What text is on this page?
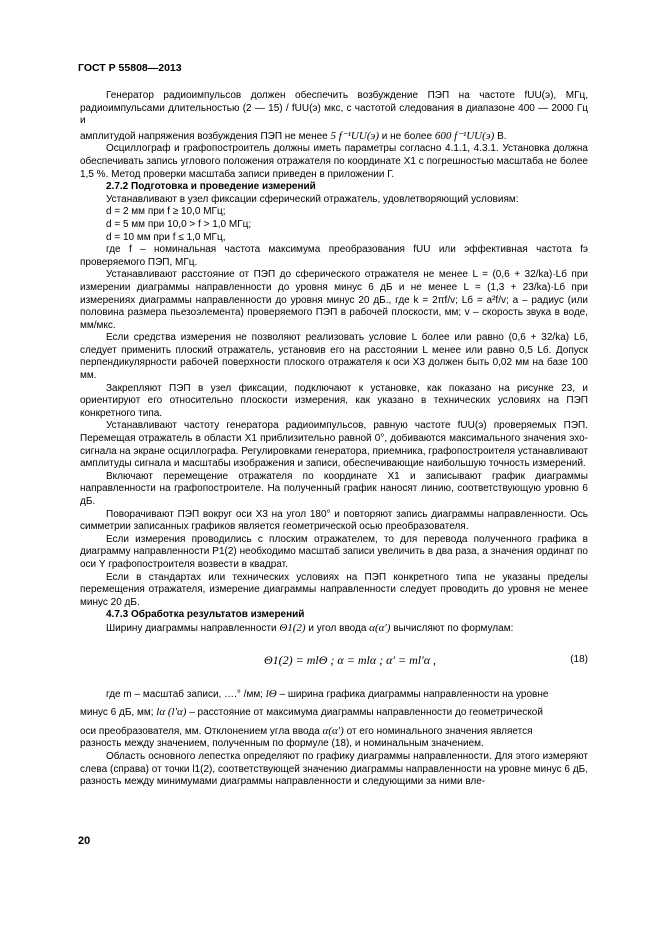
ГОСТ Р 55808—2013

Генератор радиоимпульсов должен обеспечить возбуждение ПЭП на частоте fUU(э), МГц, радиоимпульсами длительностью (2 — 15) / fUU(э) мкс, с частотой следования в диапазоне 400 — 2000 Гц и

амплитудой напряжения возбуждения ПЭП не менее 5 f⁻¹UU(э) и не более 600 f⁻¹UU(э) В.

Осциллограф и графопостроитель должны иметь параметры согласно 4.1.1, 4.3.1. Установка должна обеспечивать запись углового положения отражателя по координате X1 с погрешностью масштаба не более 1,5 %. Метод проверки масштаба записи приведен в приложении Г.

2.7.2 Подготовка и проведение измерений

Устанавливают в узел фиксации сферический отражатель, удовлетворяющий условиям:

d = 2 мм при f ≥ 10,0 МГц;

d = 5 мм при 10,0 > f > 1,0 МГц;

d = 10 мм при f ≤ 1,0 МГц,

где f – номинальная частота максимума преобразования fUU или эффективная частота fэ проверяемого ПЭП, МГц.

Устанавливают расстояние от ПЭП до сферического отражателя не менее L = (0,6 + 32/ka)·Lб при измерении диаграммы направленности до уровня минус 6 дБ и не менее L = (1,3 + 23/ka)·Lб при измерениях диаграммы направленности до уровня минус 20 дБ., где k = 2πf/v; Lб = a²f/v; a – радиус (или половина размера пьезоэлемента) проверяемого ПЭП в рабочей плоскости, мм; v – скорость звука в воде, мм/мкс.

Если средства измерения не позволяют реализовать условие L более или равно (0,6 + 32/ka) Lб, следует применить плоский отражатель, установив его на расстоянии L менее или равно 0,5 Lб. Допуск перпендикулярности рабочей поверхности плоского отражателя к оси X3 должен быть 0,02 мм на базе 100 мм.

Закрепляют ПЭП в узел фиксации, подключают к установке, как показано на рисунке 23, и ориентируют его относительно плоскости измерения, как указано в технических условиях на ПЭП конкретного типа.

Устанавливают частоту генератора радиоимпульсов, равную частоте fUU(э) проверяемых ПЭП. Перемещая отражатель в области X1 приблизительно равной 0°, добиваются максимального значения эхо-сигнала на экране осциллографа. Регулировками генератора, приемника, графопостроителя устанавливают амплитуды сигнала и масштабы изображения и записи, обеспечивающие наибольшую точность измерений.

Включают перемещение отражателя по координате X1 и записывают график диаграммы направленности на графопостроителе. На полученный график наносят линию, соответствующую уровню 6 дБ.

Поворачивают ПЭП вокруг оси X3 на угол 180° и повторяют запись диаграммы направленности. Ось симметрии записанных графиков является геометрической осью преобразователя.

Если измерения проводились с плоским отражателем, то для перевода полученного графика в диаграмму направленности P1(2) необходимо масштаб записи увеличить в два раза, а значения ординат по оси Y графопостроителя возвести в квадрат.

Если в стандартах или технических условиях на ПЭП конкретного типа не указаны пределы перемещения отражателя, измерение диаграммы направленности следует проводить до уровня не менее минус 20 дБ.

4.7.3 Обработка результатов измерений

Ширину диаграммы направленности Θ1(2) и угол ввода α(α′) вычисляют по формулам:

Θ1(2) = mlΘ ; α = mlα ; α′ = ml′α ,	(18)

где m – масштаб записи, ….° /мм; lΘ – ширина графика диаграммы направленности на уровне

минус 6 дБ, мм; lα (l′α) – расстояние от максимума диаграммы направленности до геометрической

оси преобразователя, мм. Отклонением угла ввода α(α′) от его номинального значения является

разность между значением, полученным по формуле (18), и номинальным значением.

Область основного лепестка определяют по графику диаграммы направленности. Для этого измеряют слева (справа) от точки l1(2), соответствующей значению диаграммы направленности на уровне минус 6 дБ, разность между минимумами диаграммы направленности и следующими за ними вле-

20
